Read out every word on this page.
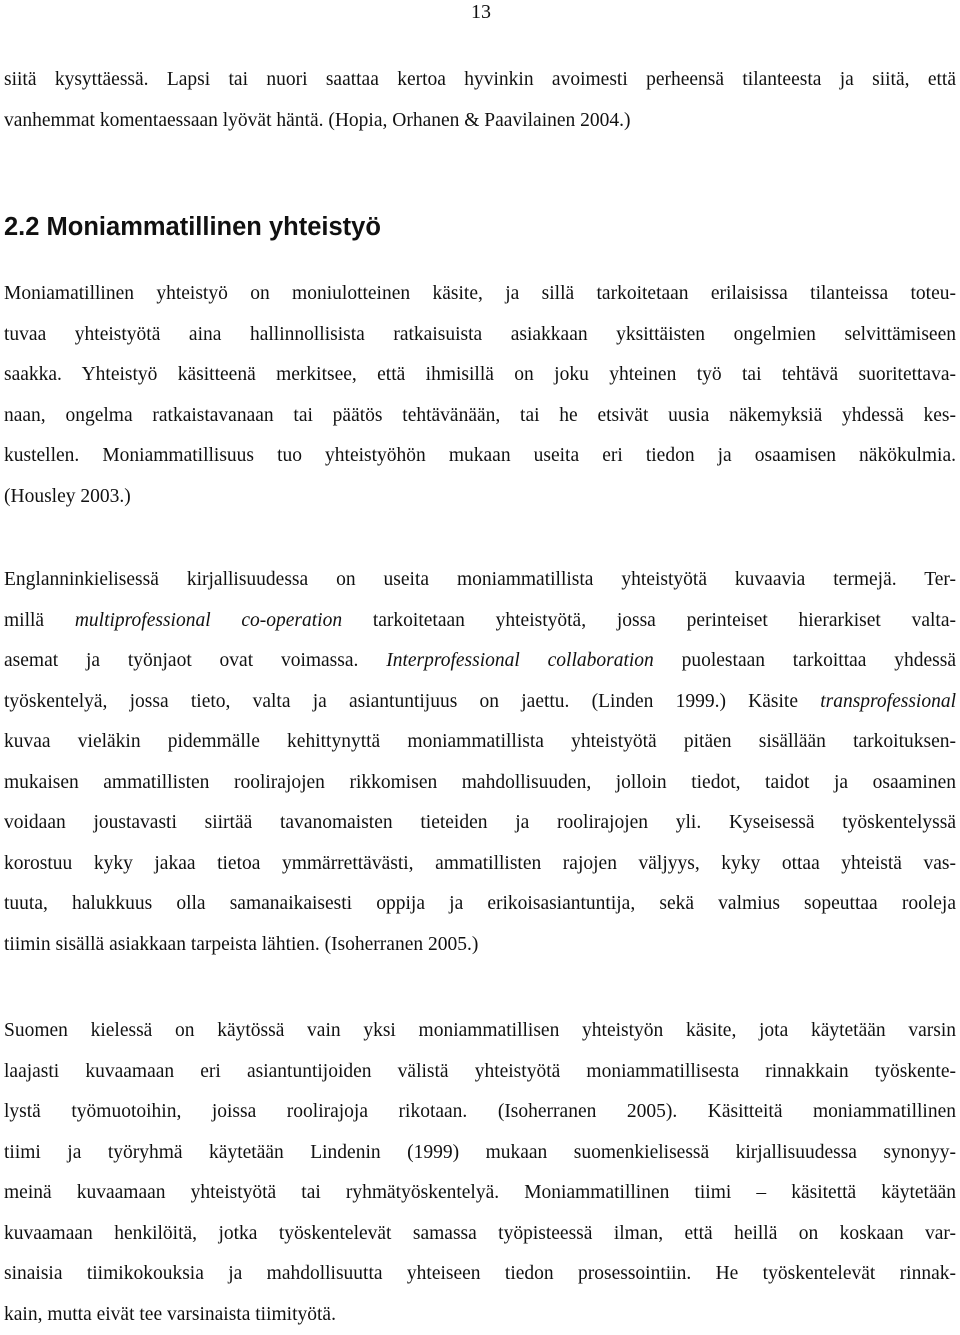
13
siitä kysyttäessä. Lapsi tai nuori saattaa kertoa hyvinkin avoimesti perheensä tilanteesta ja siitä, että
vanhemmat komentaessaan lyövät häntä. (Hopia, Orhanen & Paavilainen 2004.)
2.2 Moniammatillinen yhteistyö
Moniamatillinen yhteistyö on moniulotteinen käsite, ja sillä tarkoitetaan erilaisissa tilanteissa toteu-
tuvaa yhteistyötä aina hallinnollisista ratkaisuista asiakkaan yksittäisten ongelmien selvittämiseen
saakka. Yhteistyö käsitteenä merkitsee, että ihmisillä on joku yhteinen työ tai tehtävä suoritettava-
naan, ongelma ratkaistavanaan tai päätös tehtävänään, tai he etsivät uusia näkemyksiä yhdessä kes-
kustellen. Moniammatillisuus tuo yhteistyöhön mukaan useita eri tiedon ja osaamisen näkökulmia.
(Housley 2003.)
Englanninkielisessä kirjallisuudessa on useita moniammatillista yhteistyötä kuvaavia termejä. Ter-
millä multiprofessional co-operation tarkoitetaan yhteistyötä, jossa perinteiset hierarkiset valta-
asemat ja työnjaot ovat voimassa. Interprofessional collaboration puolestaan tarkoittaa yhdessä
työskentelyä, jossa tieto, valta ja asiantuntijuus on jaettu. (Linden 1999.) Käsite transprofessional
kuvaa vieläkin pidemmälle kehittynyttä moniammatillista yhteistyötä pitäen sisällään tarkoituksen-
mukaisen ammatillisten roolirajojen rikkomisen mahdollisuuden, jolloin tiedot, taidot ja osaaminen
voidaan joustavasti siirtää tavanomaisten tieteiden ja roolirajojen yli. Kyseisessä työskentelyssä
korostuu kyky jakaa tietoa ymmärrettävästi, ammatillisten rajojen väljyys, kyky ottaa yhteistä vas-
tuuta, halukkuus olla samanaikaisesti oppija ja erikoisasiantuntija, sekä valmius sopeuttaa rooleja
tiimin sisällä asiakkaan tarpeista lähtien. (Isoherranen 2005.)
Suomen kielessä on käytössä vain yksi moniammatillisen yhteistyön käsite, jota käytetään varsin
laajasti kuvaamaan eri asiantuntijoiden välistä yhteistyötä moniammatillisesta rinnakkain työskente-
lystä työmuotoihin, joissa roolirajoja rikotaan. (Isoherranen 2005). Käsitteitä moniammatillinen
tiimi ja työryhmä käytetään Lindenin (1999) mukaan suomenkielisessä kirjallisuudessa synonyy-
meinä kuvaamaan yhteistyötä tai ryhmätyöskentelyä. Moniammatillinen tiimi – käsitettä käytetään
kuvaamaan henkilöitä, jotka työskentelevät samassa työpisteessä ilman, että heillä on koskaan var-
sinaisia tiimikokouksia ja mahdollisuutta yhteiseen tiedon prosessointiin. He työskentelevät rinnak-
kain, mutta eivät tee varsinaista tiimityötä.
